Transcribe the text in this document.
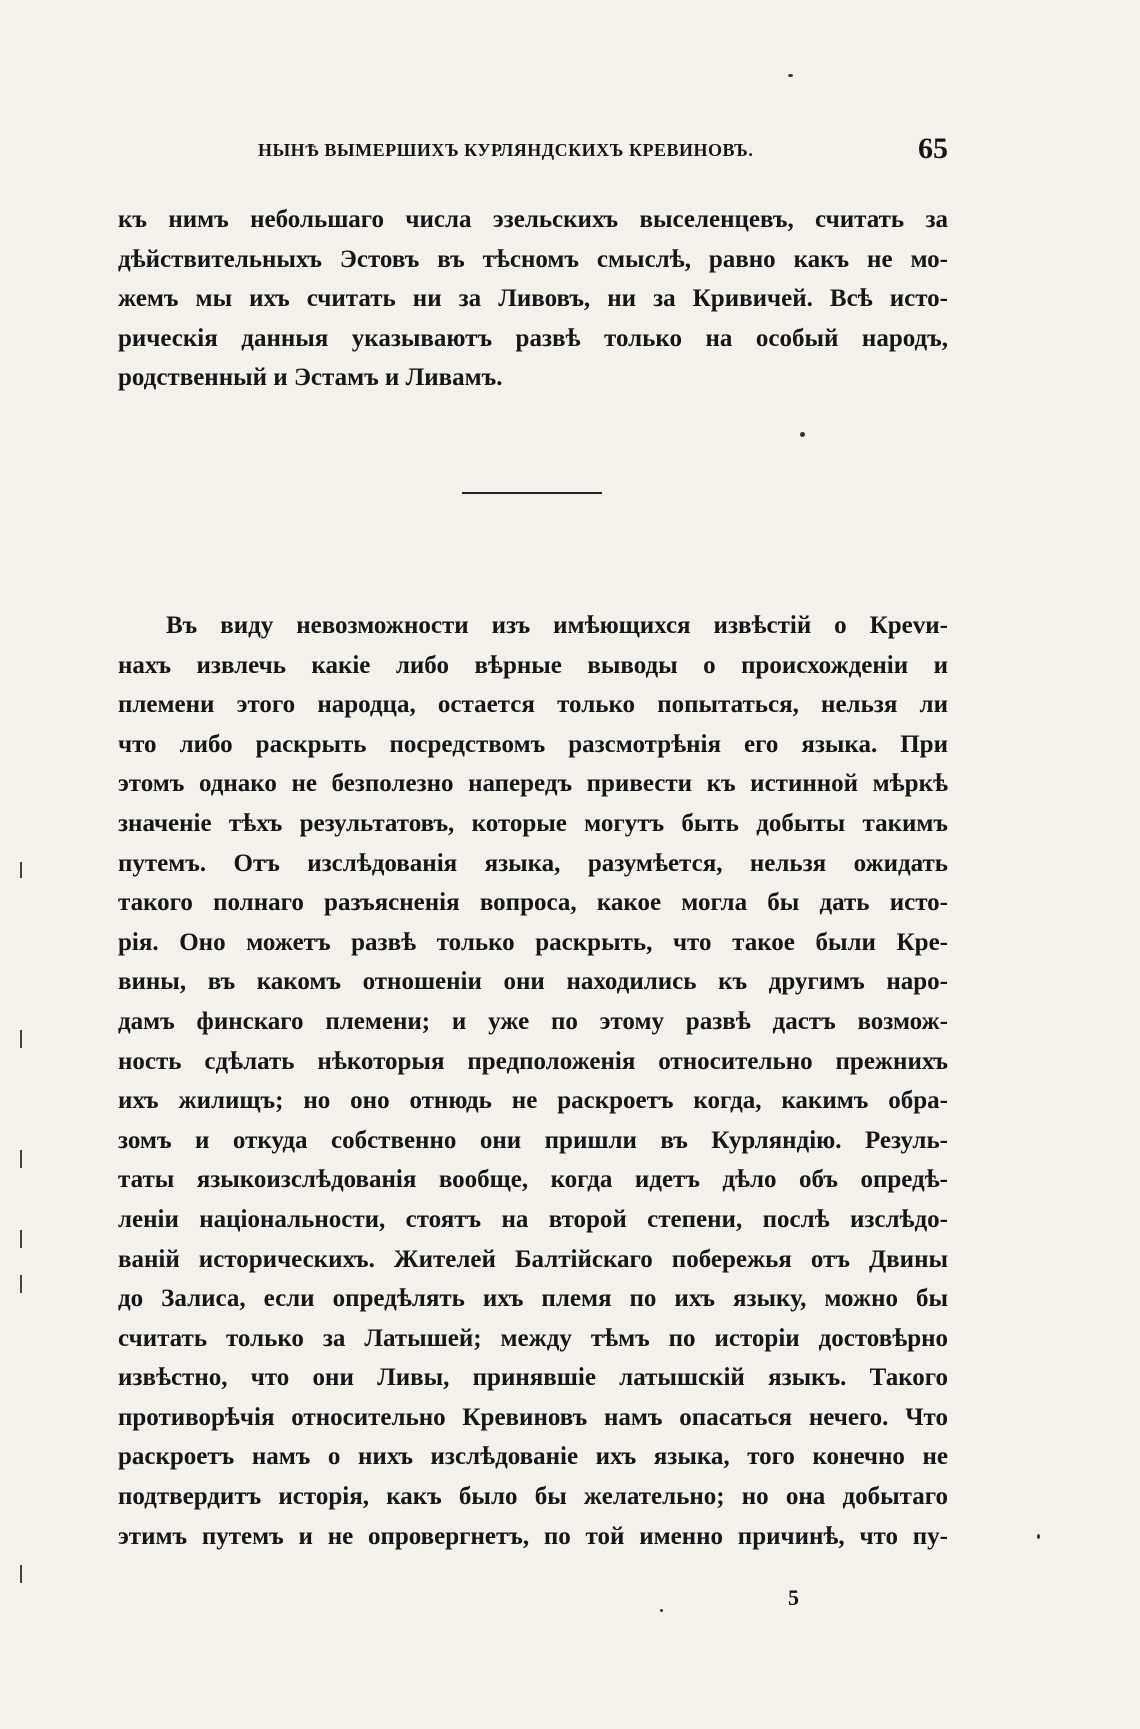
НЫНѢ ВЫМЕРШИХЪ КУРЛЯНДСКИХЪ КРЕВИНОВЪ.	65
къ нимъ небольшаго числа эзельскихъ выселенцевъ, считать за
дѣйствительныхъ Эстовъ въ тѣсномъ смыслѣ, равно какъ не мо-
жемъ мы ихъ считать ни за Ливовъ, ни за Кривичей. Всѣ исто-
рическія данныя указываютъ развѣ только на особый народъ,
родственный и Эстамъ и Ливамъ.
Въ виду невозможности изъ имѣющихся извѣстій о Крevи-
нахъ извлечь какіе либо вѣрные выводы о происхожденіи и
племени этого народца, остается только попытаться, нельзя ли
что либо раскрыть посредствомъ разсмотрѣнія его языка. При
этомъ однако не безполезно напередъ привести къ истинной мѣркѣ
значеніе тѣхъ результатовъ, которые могутъ быть добыты такимъ
путемъ. Отъ изслѣдованія языка, разумѣется, нельзя ожидать
такого полнаго разъясненія вопроса, какое могла бы дать исто-
рія. Оно можетъ развѣ только раскрыть, что такое были Кре-
вины, въ какомъ отношеніи они находились къ другимъ наро-
дамъ финскаго племени; и уже по этому развѣ дастъ возмож-
ность сдѣлать нѣкоторыя предположенія относительно прежнихъ
ихъ жилищъ; но оно отнюдь не раскроетъ когда, какимъ обра-
зомъ и откуда собственно они пришли въ Курляндію. Резуль-
таты языкоизслѣдованія вообще, когда идетъ дѣло объ опредѣ-
леніи національности, стоятъ на второй степени, послѣ изслѣдо-
ваній историческихъ. Жителей Балтійскаго побережья отъ Двины
до Залиса, если опредѣлять ихъ племя по ихъ языку, можно бы
считать только за Латышей; между тѣмъ по исторіи достовѣрно
извѣстно, что они Ливы, принявшіе латышскій языкъ. Такого
противорѣчія относительно Кревиновъ намъ опасаться нечего. Что
раскроетъ намъ о нихъ изслѣдованіе ихъ языка, того конечно не
подтвердитъ исторія, какъ было бы желательно; но она добытаго
этимъ путемъ и не опровергнетъ, по той именно причинѣ, что пу-
5
